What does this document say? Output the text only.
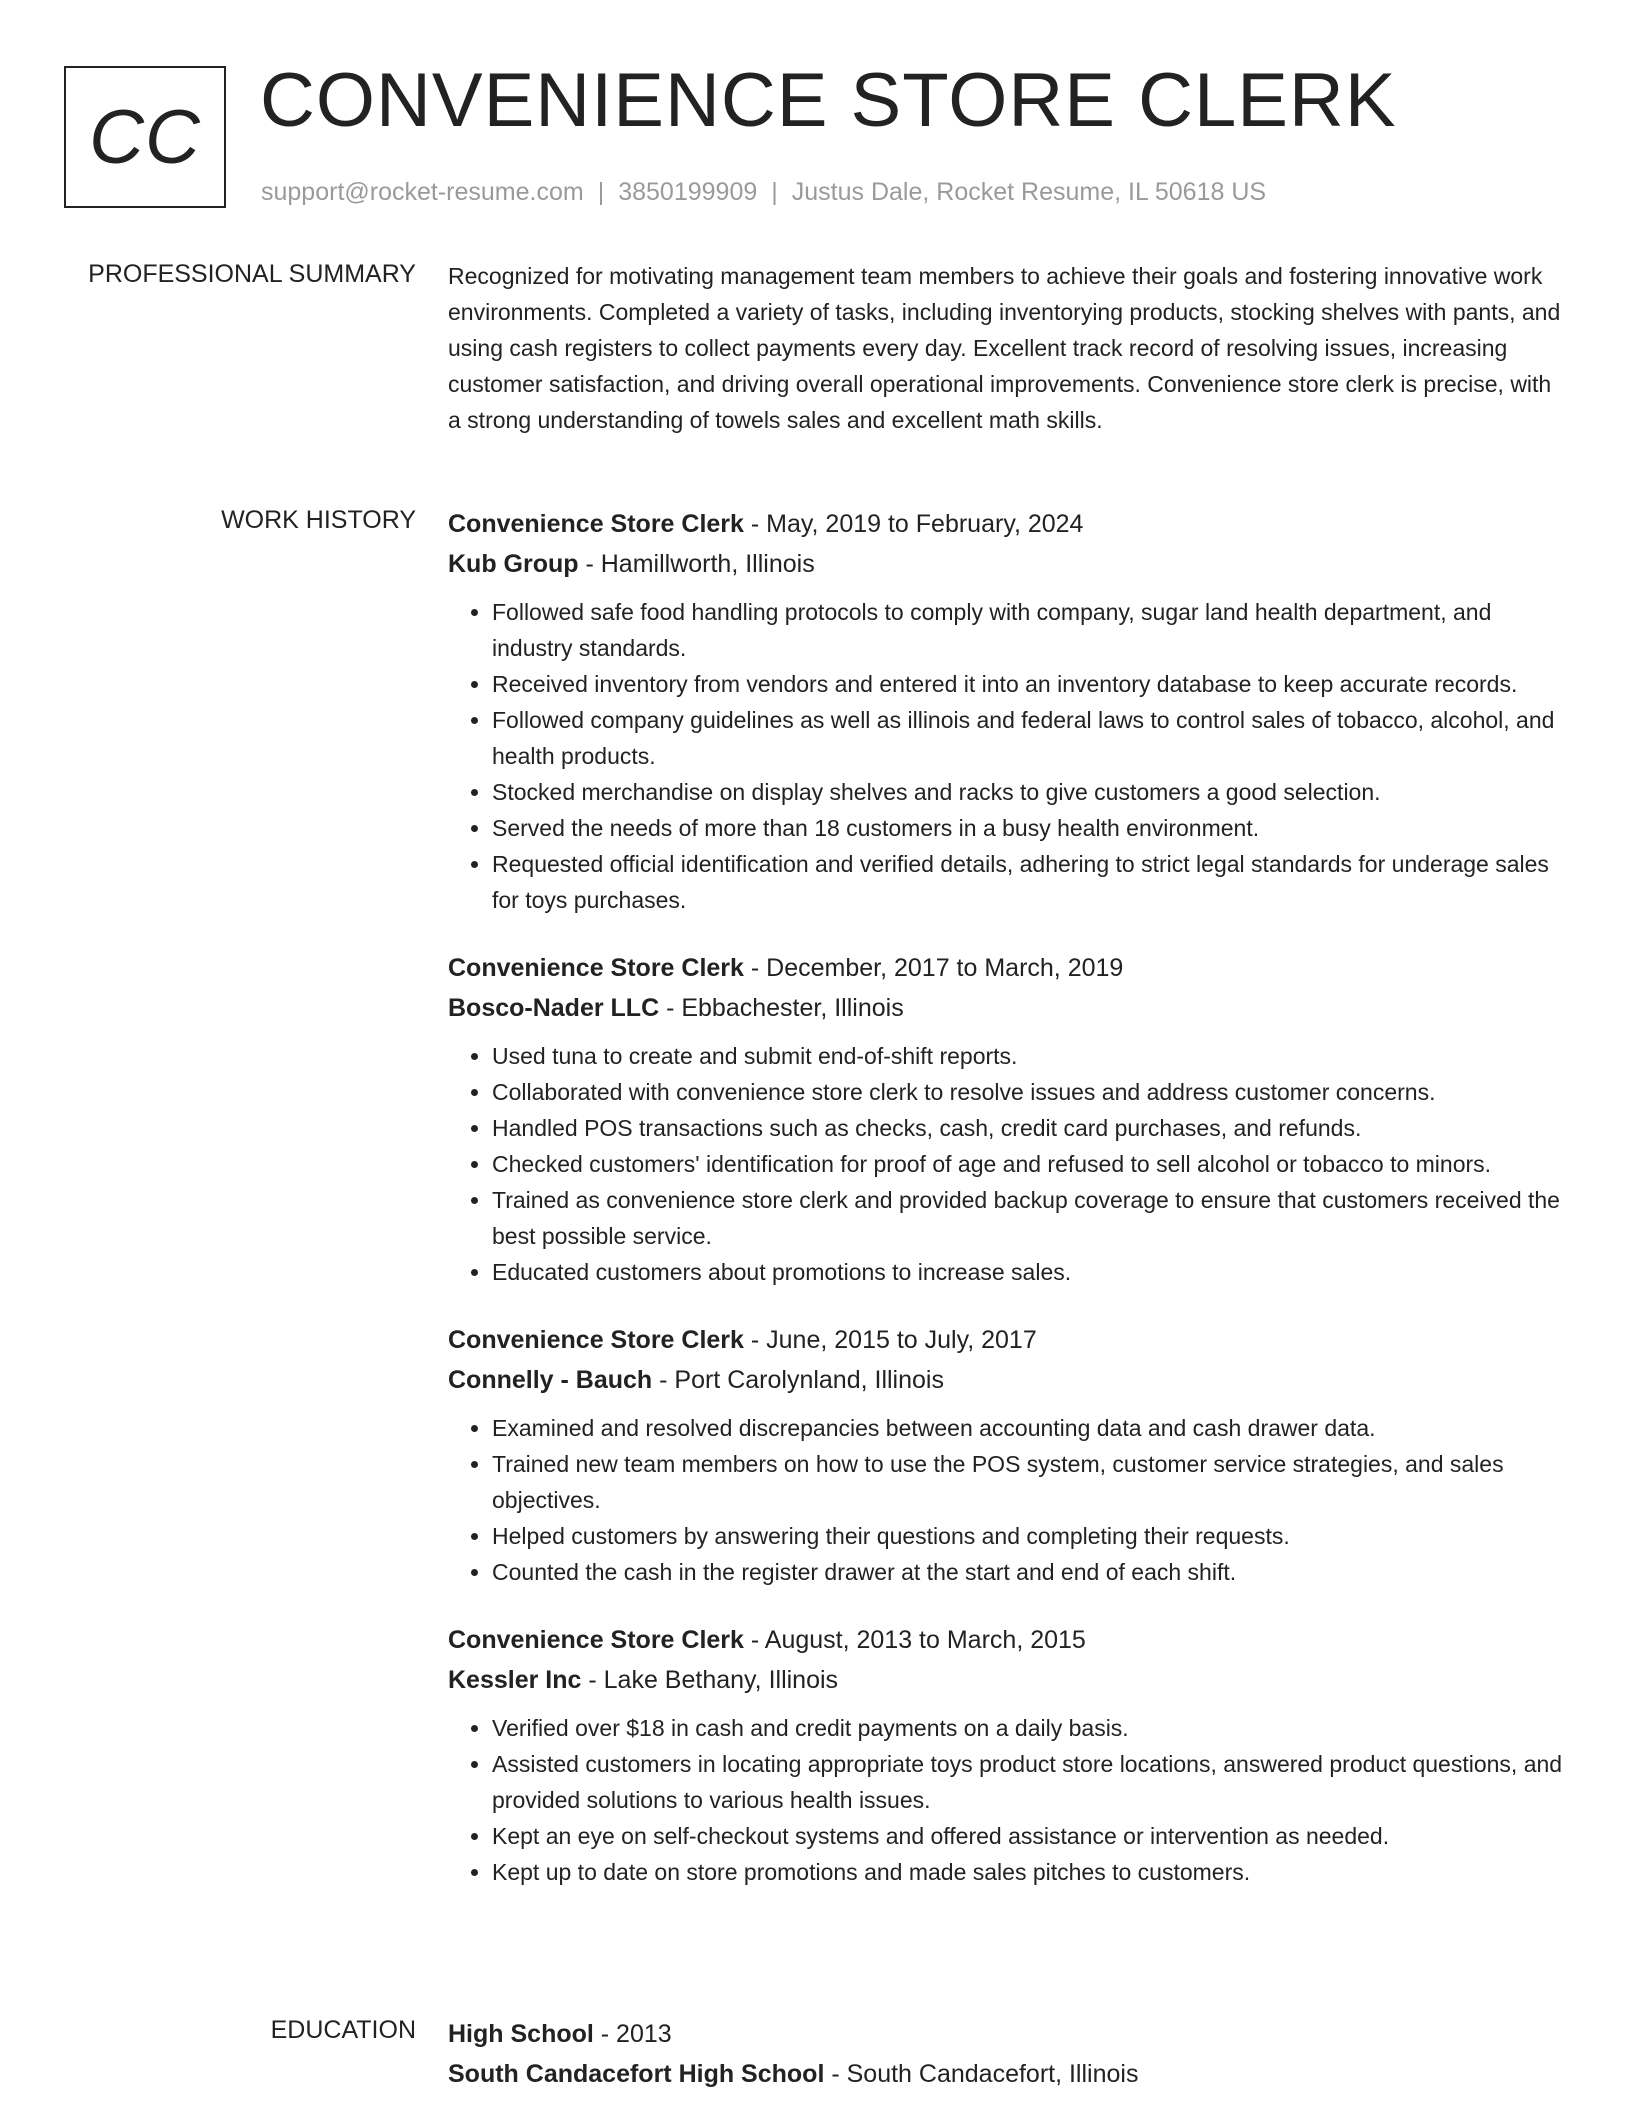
CC CONVENIENCE STORE CLERK
support@rocket-resume.com | 3850199909 | Justus Dale, Rocket Resume, IL 50618 US
PROFESSIONAL SUMMARY Recognized for motivating management team members to achieve their goals and fostering innovative work environments. Completed a variety of tasks, including inventorying products, stocking shelves with pants, and using cash registers to collect payments every day. Excellent track record of resolving issues, increasing customer satisfaction, and driving overall operational improvements. Convenience store clerk is precise, with a strong understanding of towels sales and excellent math skills.

WORK HISTORY Convenience Store Clerk - May, 2019 to February, 2024

Kub Group - Hamillworth, Illinois

• Followed safe food handling protocols to comply with company, sugar land health department, and industry standards.
• Received inventory from vendors and entered it into an inventory database to keep accurate records.
• Followed company guidelines as well as illinois and federal laws to control sales of tobacco, alcohol, and health products.
• Stocked merchandise on display shelves and racks to give customers a good selection.
• Served the needs of more than 18 customers in a busy health environment.
• Requested official identification and verified details, adhering to strict legal standards for underage sales for toys purchases.

Convenience Store Clerk - December, 2017 to March, 2019

Bosco-Nader LLC - Ebbachester, Illinois

• Used tuna to create and submit end-of-shift reports.
• Collaborated with convenience store clerk to resolve issues and address customer concerns.
• Handled POS transactions such as checks, cash, credit card purchases, and refunds.
• Checked customers' identification for proof of age and refused to sell alcohol or tobacco to minors.
• Trained as convenience store clerk and provided backup coverage to ensure that customers received the best possible service.
• Educated customers about promotions to increase sales.

Convenience Store Clerk - June, 2015 to July, 2017

Connelly - Bauch - Port Carolynland, Illinois

• Examined and resolved discrepancies between accounting data and cash drawer data.
• Trained new team members on how to use the POS system, customer service strategies, and sales objectives.
• Helped customers by answering their questions and completing their requests.
• Counted the cash in the register drawer at the start and end of each shift.

Convenience Store Clerk - August, 2013 to March, 2015

Kessler Inc - Lake Bethany, Illinois

• Verified over $18 in cash and credit payments on a daily basis.
• Assisted customers in locating appropriate toys product store locations, answered product questions, and provided solutions to various health issues.
• Kept an eye on self-checkout systems and offered assistance or intervention as needed.
• Kept up to date on store promotions and made sales pitches to customers.
EDUCATION High School - 2013

South Candacefort High School - South Candacefort, Illinois
